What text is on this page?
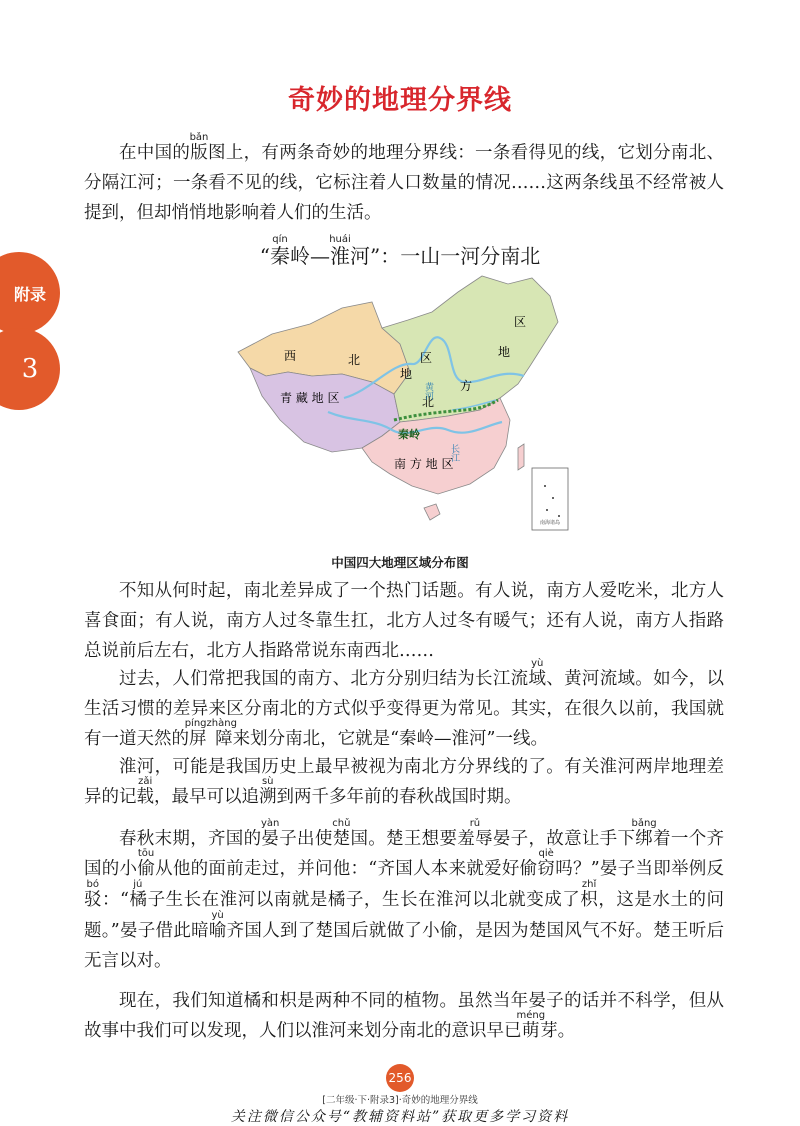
奇妙的地理分界线
附录
3

在中国的版bǎn图上，有两条奇妙的地理分界线：一条看得见的线，它划分南北、分隔江河；一条看不见的线，它标注着人口数量的情况……这两条线虽不经常被人提到，但却悄悄地影响着人们的生活。

“秦qín岭—淮huái河”：一山一河分南北
南海诸岛
西	北
地
区
青 藏 地 区	北
方
地
区
南 方 地 区
黄河
长江
秦岭
中国四大地理区域分布图

不知从何时起，南北差异成了一个热门话题。有人说，南方人爱吃米，北方人喜食面；有人说，南方人过冬靠生扛，北方人过冬有暖气；还有人说，南方人指路总说前后左右，北方人指路常说东南西北……

过去，人们常把我国的南方、北方分别归结为长江流域yù、黄河流域。如今，以生活习惯的差异来区分南北的方式似乎变得更为常见。其实，在很久以前，我国就有一道天然的屏障píngzhàng来划分南北，它就是“秦岭—淮河”一线。

淮河，可能是我国历史上最早被视为南北方分界线的了。有关淮河两岸地理差异的记载zǎi，最早可以追溯sù到两千多年前的春秋战国时期。

春秋末期，齐国的晏yàn子出使楚chǔ国。楚王想要羞辱rǔ晏子，故意让手下绑bǎng着一个齐国的小偷tōu从他的面前走过，并问他：“齐国人本来就爱好偷窃qiè吗？”晏子当即举例反驳bó：“橘jú子生长在淮河以南就是橘子，生长在淮河以北就变成了枳zhǐ，这是水土的问题。”晏子借此暗喻yù齐国人到了楚国后就做了小偷，是因为楚国风气不好。楚王听后无言以对。

现在，我们知道橘和枳是两种不同的植物。虽然当年晏子的话并不科学，但从故事中我们可以发现，人们以淮河来划分南北的意识早已萌méng芽。

256
[二年级·下·附录3]·奇妙的地理分界线
关注微信公众号“教辅资料站”获取更多学习资料
